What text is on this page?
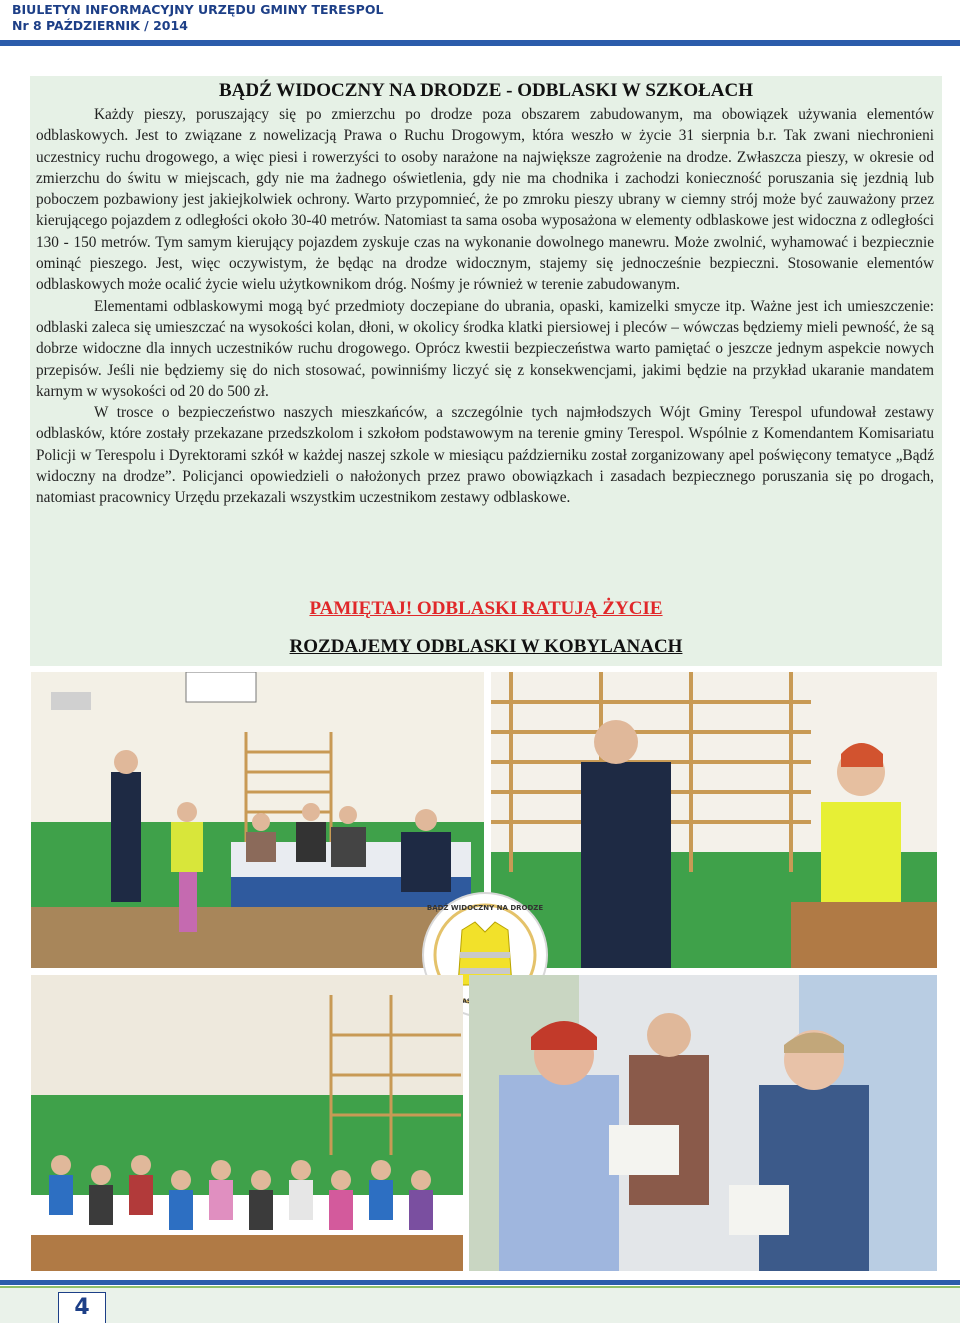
BIULETYN INFORMACYJNY URZĘDU GMINY TERESPOL
Nr 8 PAŹDZIERNIK / 2014
BĄDŹ WIDOCZNY NA DRODZE - ODBLASKI W SZKOŁACH

Każdy pieszy, poruszający się po zmierzchu po drodze poza obszarem zabudowanym, ma obowiązek używania elementów odblaskowych. Jest to związane z nowelizacją Prawa o Ruchu Drogowym, która weszło w życie 31 sierpnia b.r. Tak zwani niechronieni uczestnicy ruchu drogowego, a więc piesi i rowerzyści to osoby narażone na największe zagrożenie na drodze. Zwłaszcza pieszy, w okresie od zmierzchu do świtu w miejscach, gdy nie ma żadnego oświetlenia, gdy nie ma chodnika i zachodzi konieczność poruszania się jezdnią lub poboczem pozbawiony jest jakiejkolwiek ochrony. Warto przypomnieć, że po zmroku pieszy ubrany w ciemny strój może być zauważony przez kierującego pojazdem z odległości około 30-40 metrów. Natomiast ta sama osoba wyposażona w elementy odblaskowe jest widoczna z odległości 130 - 150 metrów. Tym samym kierujący pojazdem zyskuje czas na wykonanie dowolnego manewru. Może zwolnić, wyhamować i bezpiecznie ominąć pieszego. Jest, więc oczywistym, że będąc na drodze widocznym, stajemy się jednocześnie bezpieczni. Stosowanie elementów odblaskowych może ocalić życie wielu użytkownikom dróg. Nośmy je również w terenie zabudowanym.

Elementami odblaskowymi mogą być przedmioty doczepiane do ubrania, opaski, kamizelki smycze itp. Ważne jest ich umieszczenie: odblaski zaleca się umieszczać na wysokości kolan, dłoni, w okolicy środka klatki piersiowej i pleców – wówczas będziemy mieli pewność, że są dobrze widoczne dla innych uczestników ruchu drogowego. Oprócz kwestii bezpieczeństwa warto pamiętać o jeszcze jednym aspekcie nowych przepisów. Jeśli nie będziemy się do nich stosować, powinniśmy liczyć się z konsekwencjami, jakimi będzie na przykład ukaranie mandatem karnym w wysokości od 20 do 500 zł.

W trosce o bezpieczeństwo naszych mieszkańców, a szczególnie tych najmłodszych Wójt Gminy Terespol ufundował zestawy odblasków, które zostały przekazane przedszkolom i szkołom podstawowym na terenie gminy Terespol. Wspólnie z Komendantem Komisariatu Policji w Terespolu i Dyrektorami szkół w każdej naszej szkole w miesiącu październiku został zorganizowany apel poświęcony tematyce „Bądź widoczny na drodze”. Policjanci opowiedzieli o nałożonych przez prawo obowiązkach i zasadach bezpiecznego poruszania się po drogach, natomiast pracownicy Urzędu przekazali wszystkim uczestnikom zestawy odblaskowe.

PAMIĘTAJ! ODBLASKI RATUJĄ ŻYCIE
ROZDAJEMY ODBLASKI W KOBYLANACH
BĄDŹ WIDOCZNY NA DRODZE
4
